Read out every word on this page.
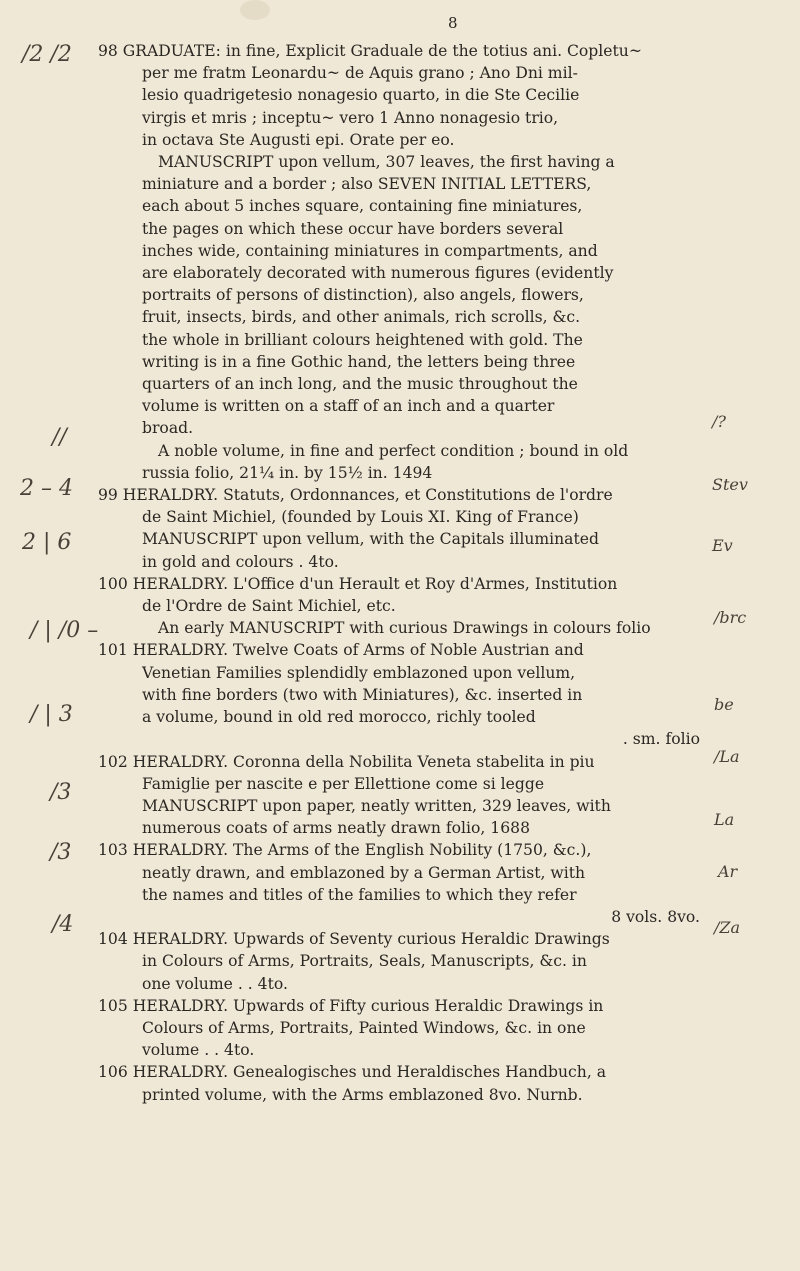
8
/2 /2
//
2 – 4
2 | 6
/ | /0 –
/ | 3
/3
/3
/4
/?
Stev
Ev
/brc
be
/La
La
Ar
/Za
98 GRADUATE: in fine, Explicit Graduale de the totius ani. Copletu~
per me fratm Leonardu~ de Aquis grano ; Ano Dni mil-
lesio quadrigetesio nonagesio quarto, in die Ste Cecilie
virgis et mris ; inceptu~ vero 1 Anno nonagesio trio,
in octava Ste Augusti epi. Orate per eo.
MANUSCRIPT upon vellum, 307 leaves, the first having a
miniature and a border ; also SEVEN INITIAL LETTERS,
each about 5 inches square, containing fine miniatures,
the pages on which these occur have borders several
inches wide, containing miniatures in compartments, and
are elaborately decorated with numerous figures (evidently
portraits of persons of distinction), also angels, flowers,
fruit, insects, birds, and other animals, rich scrolls, &c.
the whole in brilliant colours heightened with gold. The
writing is in a fine Gothic hand, the letters being three
quarters of an inch long, and the music throughout the
volume is written on a staff of an inch and a quarter
broad.
A noble volume, in fine and perfect condition ; bound in old
russia folio, 21¼ in. by 15½ in. 1494
99 HERALDRY. Statuts, Ordonnances, et Constitutions de l'ordre
de Saint Michiel, (founded by Louis XI. King of France)
MANUSCRIPT upon vellum, with the Capitals illuminated
in gold and colours . 4to.
100 HERALDRY. L'Office d'un Herault et Roy d'Armes, Institution
de l'Ordre de Saint Michiel, etc.
An early MANUSCRIPT with curious Drawings in colours folio
101 HERALDRY. Twelve Coats of Arms of Noble Austrian and
Venetian Families splendidly emblazoned upon vellum,
with fine borders (two with Miniatures), &c. inserted in
a volume, bound in old red morocco, richly tooled
. sm. folio
102 HERALDRY. Coronna della Nobilita Veneta stabelita in piu
Famiglie per nascite e per Ellettione come si legge
MANUSCRIPT upon paper, neatly written, 329 leaves, with
numerous coats of arms neatly drawn folio, 1688
103 HERALDRY. The Arms of the English Nobility (1750, &c.),
neatly drawn, and emblazoned by a German Artist, with
the names and titles of the families to which they refer
8 vols. 8vo.
104 HERALDRY. Upwards of Seventy curious Heraldic Drawings
in Colours of Arms, Portraits, Seals, Manuscripts, &c. in
one volume . . 4to.
105 HERALDRY. Upwards of Fifty curious Heraldic Drawings in
Colours of Arms, Portraits, Painted Windows, &c. in one
volume . . 4to.
106 HERALDRY. Genealogisches und Heraldisches Handbuch, a
printed volume, with the Arms emblazoned 8vo. Nurnb.
